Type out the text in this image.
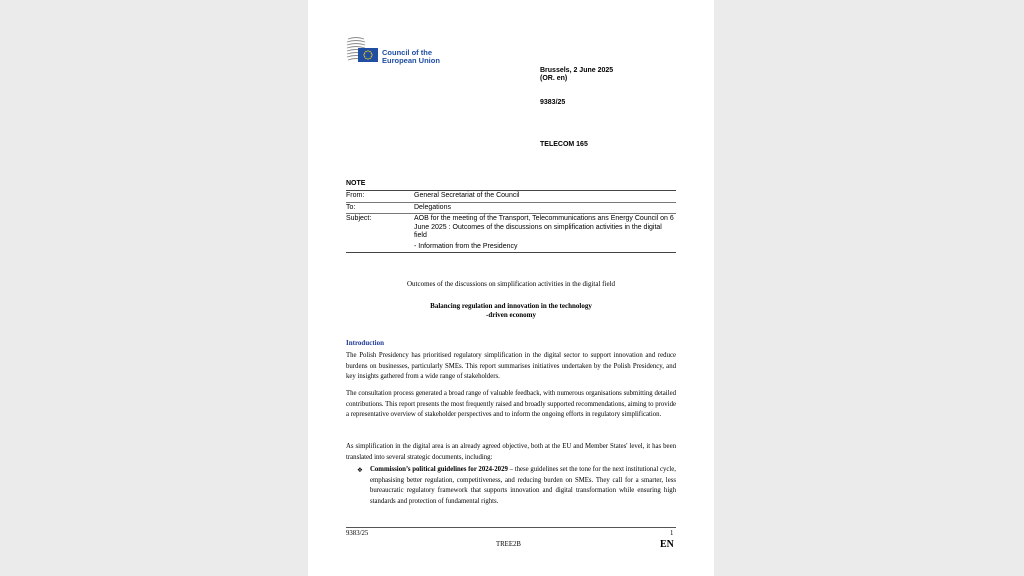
Council of the
European Union
Brussels, 2 June 2025
(OR. en)
9383/25
TELECOM 165
NOTE
From:	General Secretariat of the Council
To:	Delegations
Subject:	AOB for the meeting of the Transport, Telecommunications ans Energy Council on 6 June 2025 : Outcomes of the discussions on simplification activities in the digital field
- Information from the Presidency
Outcomes of the discussions on simplification activities in the digital field
Balancing regulation and innovation in the technology
-driven economy
Introduction
The Polish Presidency has prioritised regulatory simplification in the digital sector to support innovation and reduce burdens on businesses, particularly SMEs. This report summarises initiatives undertaken by the Polish Presidency, and key insights gathered from a wide range of stakeholders.
The consultation process generated a broad range of valuable feedback, with numerous organisations submitting detailed contributions. This report presents the most frequently raised and broadly supported recommendations, aiming to provide a representative overview of stakeholder perspectives and to inform the ongoing efforts in regulatory simplification.
As simplification in the digital area is an already agreed objective, both at the EU and Member States' level, it has been translated into several strategic documents, including:
❖	Commission’s political guidelines for 2024-2029 – these guidelines set the tone for the next institutional cycle, emphasising better regulation, competitiveness, and reducing burden on SMEs. They call for a smarter, less bureaucratic regulatory framework that supports innovation and digital transformation while ensuring high standards and protection of fundamental rights.
9383/25	1
TREE2B	EN
